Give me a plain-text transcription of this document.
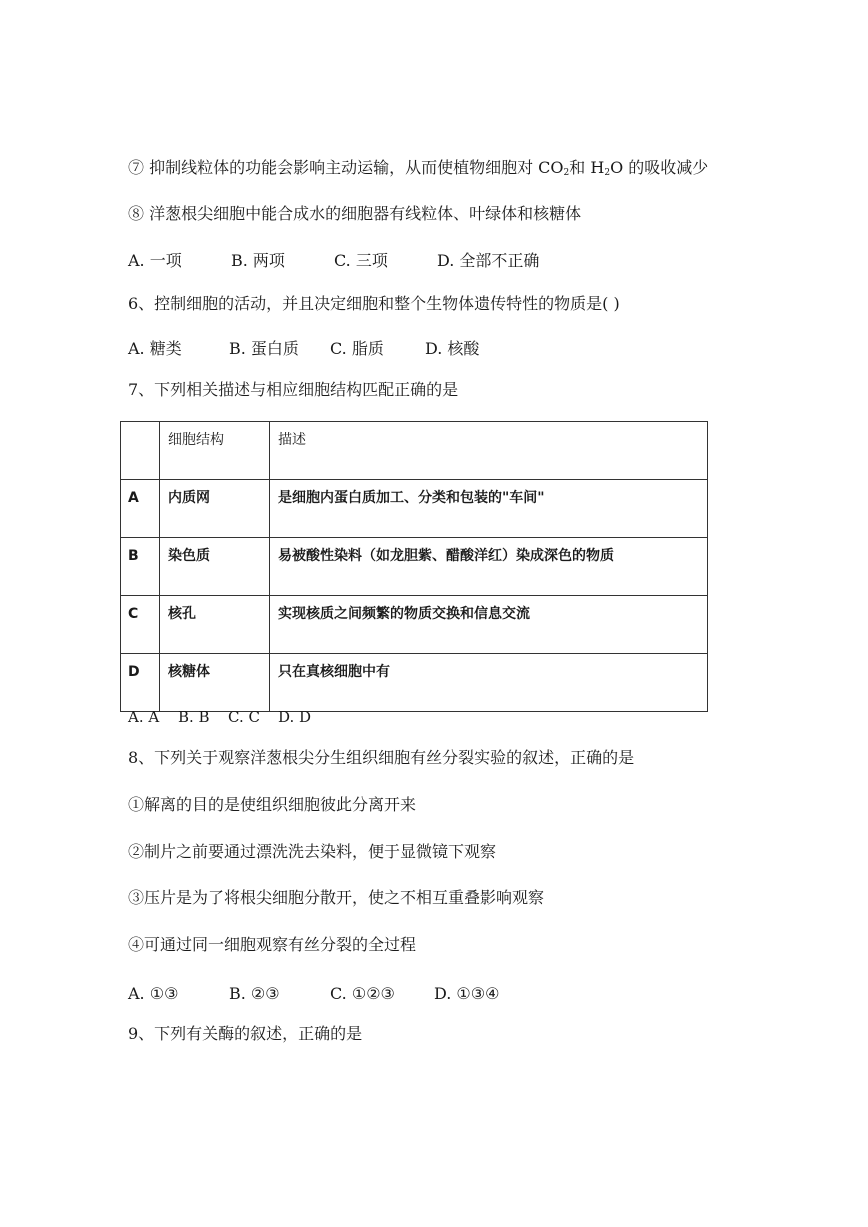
⑦ 抑制线粒体的功能会影响主动运输，从而使植物细胞对 $CO_2$和 $H_2O$ 的吸收减少
⑧ 洋葱根尖细胞中能合成水的细胞器有线粒体、叶绿体和核糖体
A. 一项	B. 两项	C. 三项	D. 全部不正确
6、控制细胞的活动，并且决定细胞和整个生物体遗传特性的物质是( )
A. 糖类	B. 蛋白质 C. 脂质	D. 核酸
7、下列相关描述与相应细胞结构匹配正确的是
	细胞结构	描述
A	内质网	是细胞内蛋白质加工、分类和包装的"车间"
B	染色质	易被酸性染料（如龙胆紫、醋酸洋红）染成深色的物质
C	核孔	实现核质之间频繁的物质交换和信息交流
D	核糖体	只在真核细胞中有
A. A B. B C. C D. D
8、下列关于观察洋葱根尖分生组织细胞有丝分裂实验的叙述，正确的是
①解离的目的是使组织细胞彼此分离开来
②制片之前要通过漂洗洗去染料，便于显微镜下观察
③压片是为了将根尖细胞分散开，使之不相互重叠影响观察
④可通过同一细胞观察有丝分裂的全过程
A. ①③	B. ②③	C. ①②③ D. ①③④
9、下列有关酶的叙述，正确的是
